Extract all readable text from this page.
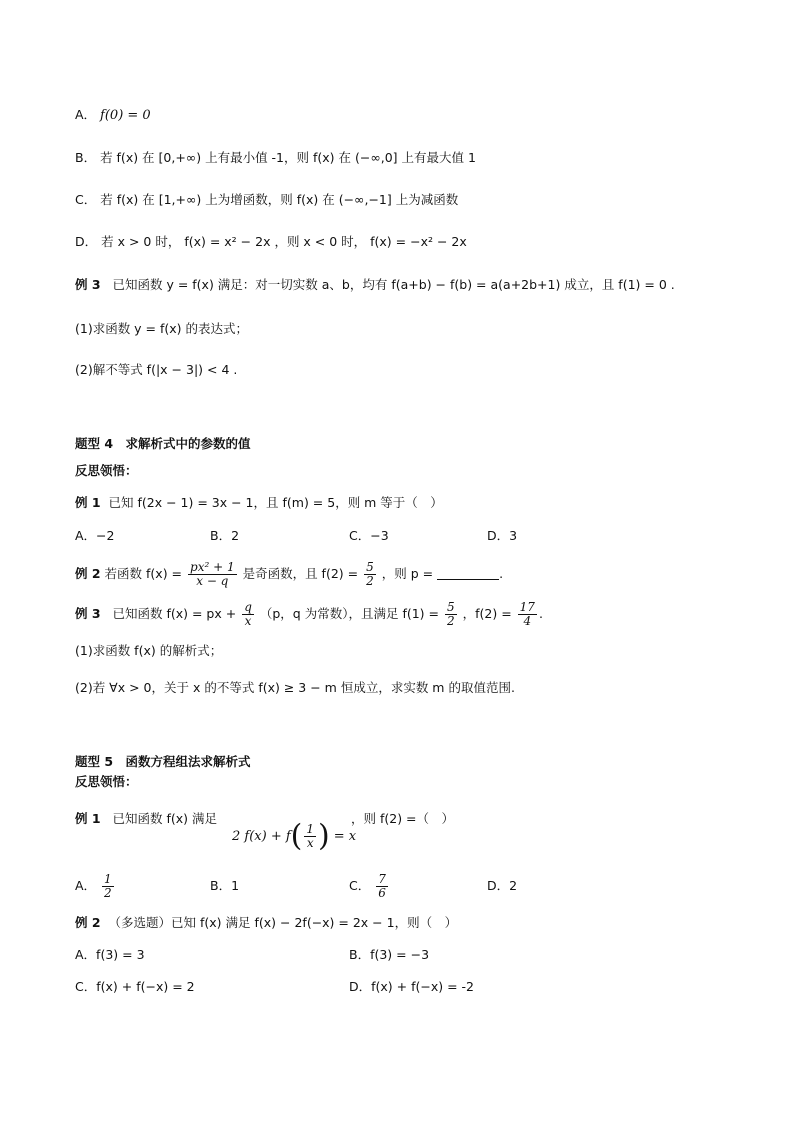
A． f(0) = 0
B． 若 f(x) 在 [0,+∞) 上有最小值 -1，则 f(x) 在 (−∞,0] 上有最大值 1
C． 若 f(x) 在 [1,+∞) 上为增函数，则 f(x) 在 (−∞,−1] 上为减函数
D． 若 x > 0 时， f(x) = x² − 2x ，则 x < 0 时， f(x) = −x² − 2x
例 3 已知函数 y = f(x) 满足：对一切实数 a、b，均有 f(a+b) − f(b) = a(a+2b+1) 成立，且 f(1) = 0 .
(1)求函数 y = f(x) 的表达式；
(2)解不等式 f(|x − 3|) < 4 .
题型 4　求解析式中的参数的值
反思领悟：
例 1 已知 f(2x − 1) = 3x − 1，且 f(m) = 5，则 m 等于（　）
A．−2	B．2	C．−3	D．3
例 2 若函数 $f(x) = \frac{\text{px² + 1}}{x - q}$ 是奇函数，且 $f(2) = \frac{5}{2}$ ，则 p =	.
例 3 已知函数 f(x) = px + $\frac{q}{x} (p$，q 为常数），且满足 $f(1) = \frac{5}{2}$ ，$f(2) = \frac{17}{4}$ .
(1)求函数 f(x) 的解析式；
(2)若 ∀x > 0，关于 x 的不等式 f(x) ≥ 3 − m 恒成立，求实数 m 的取值范围.
题型 5　函数方程组法求解析式
反思领悟：
例 1 已知函数 f(x) 满足
2 $f(x) + f( \frac{1}{x}$ ) = x
，则 f(2) =（　）
A． $\frac{1}{2}$	B．1	C． $\frac{7}{6}$	D．2
例 2 （多选题）已知 f(x) 满足 f(x) − 2f(−x) = 2x − 1，则（　）
A．f(3) = 3	B．f(3) = −3
C．f(x) + f(−x) = 2	D．f(x) + f(−x) = -2
